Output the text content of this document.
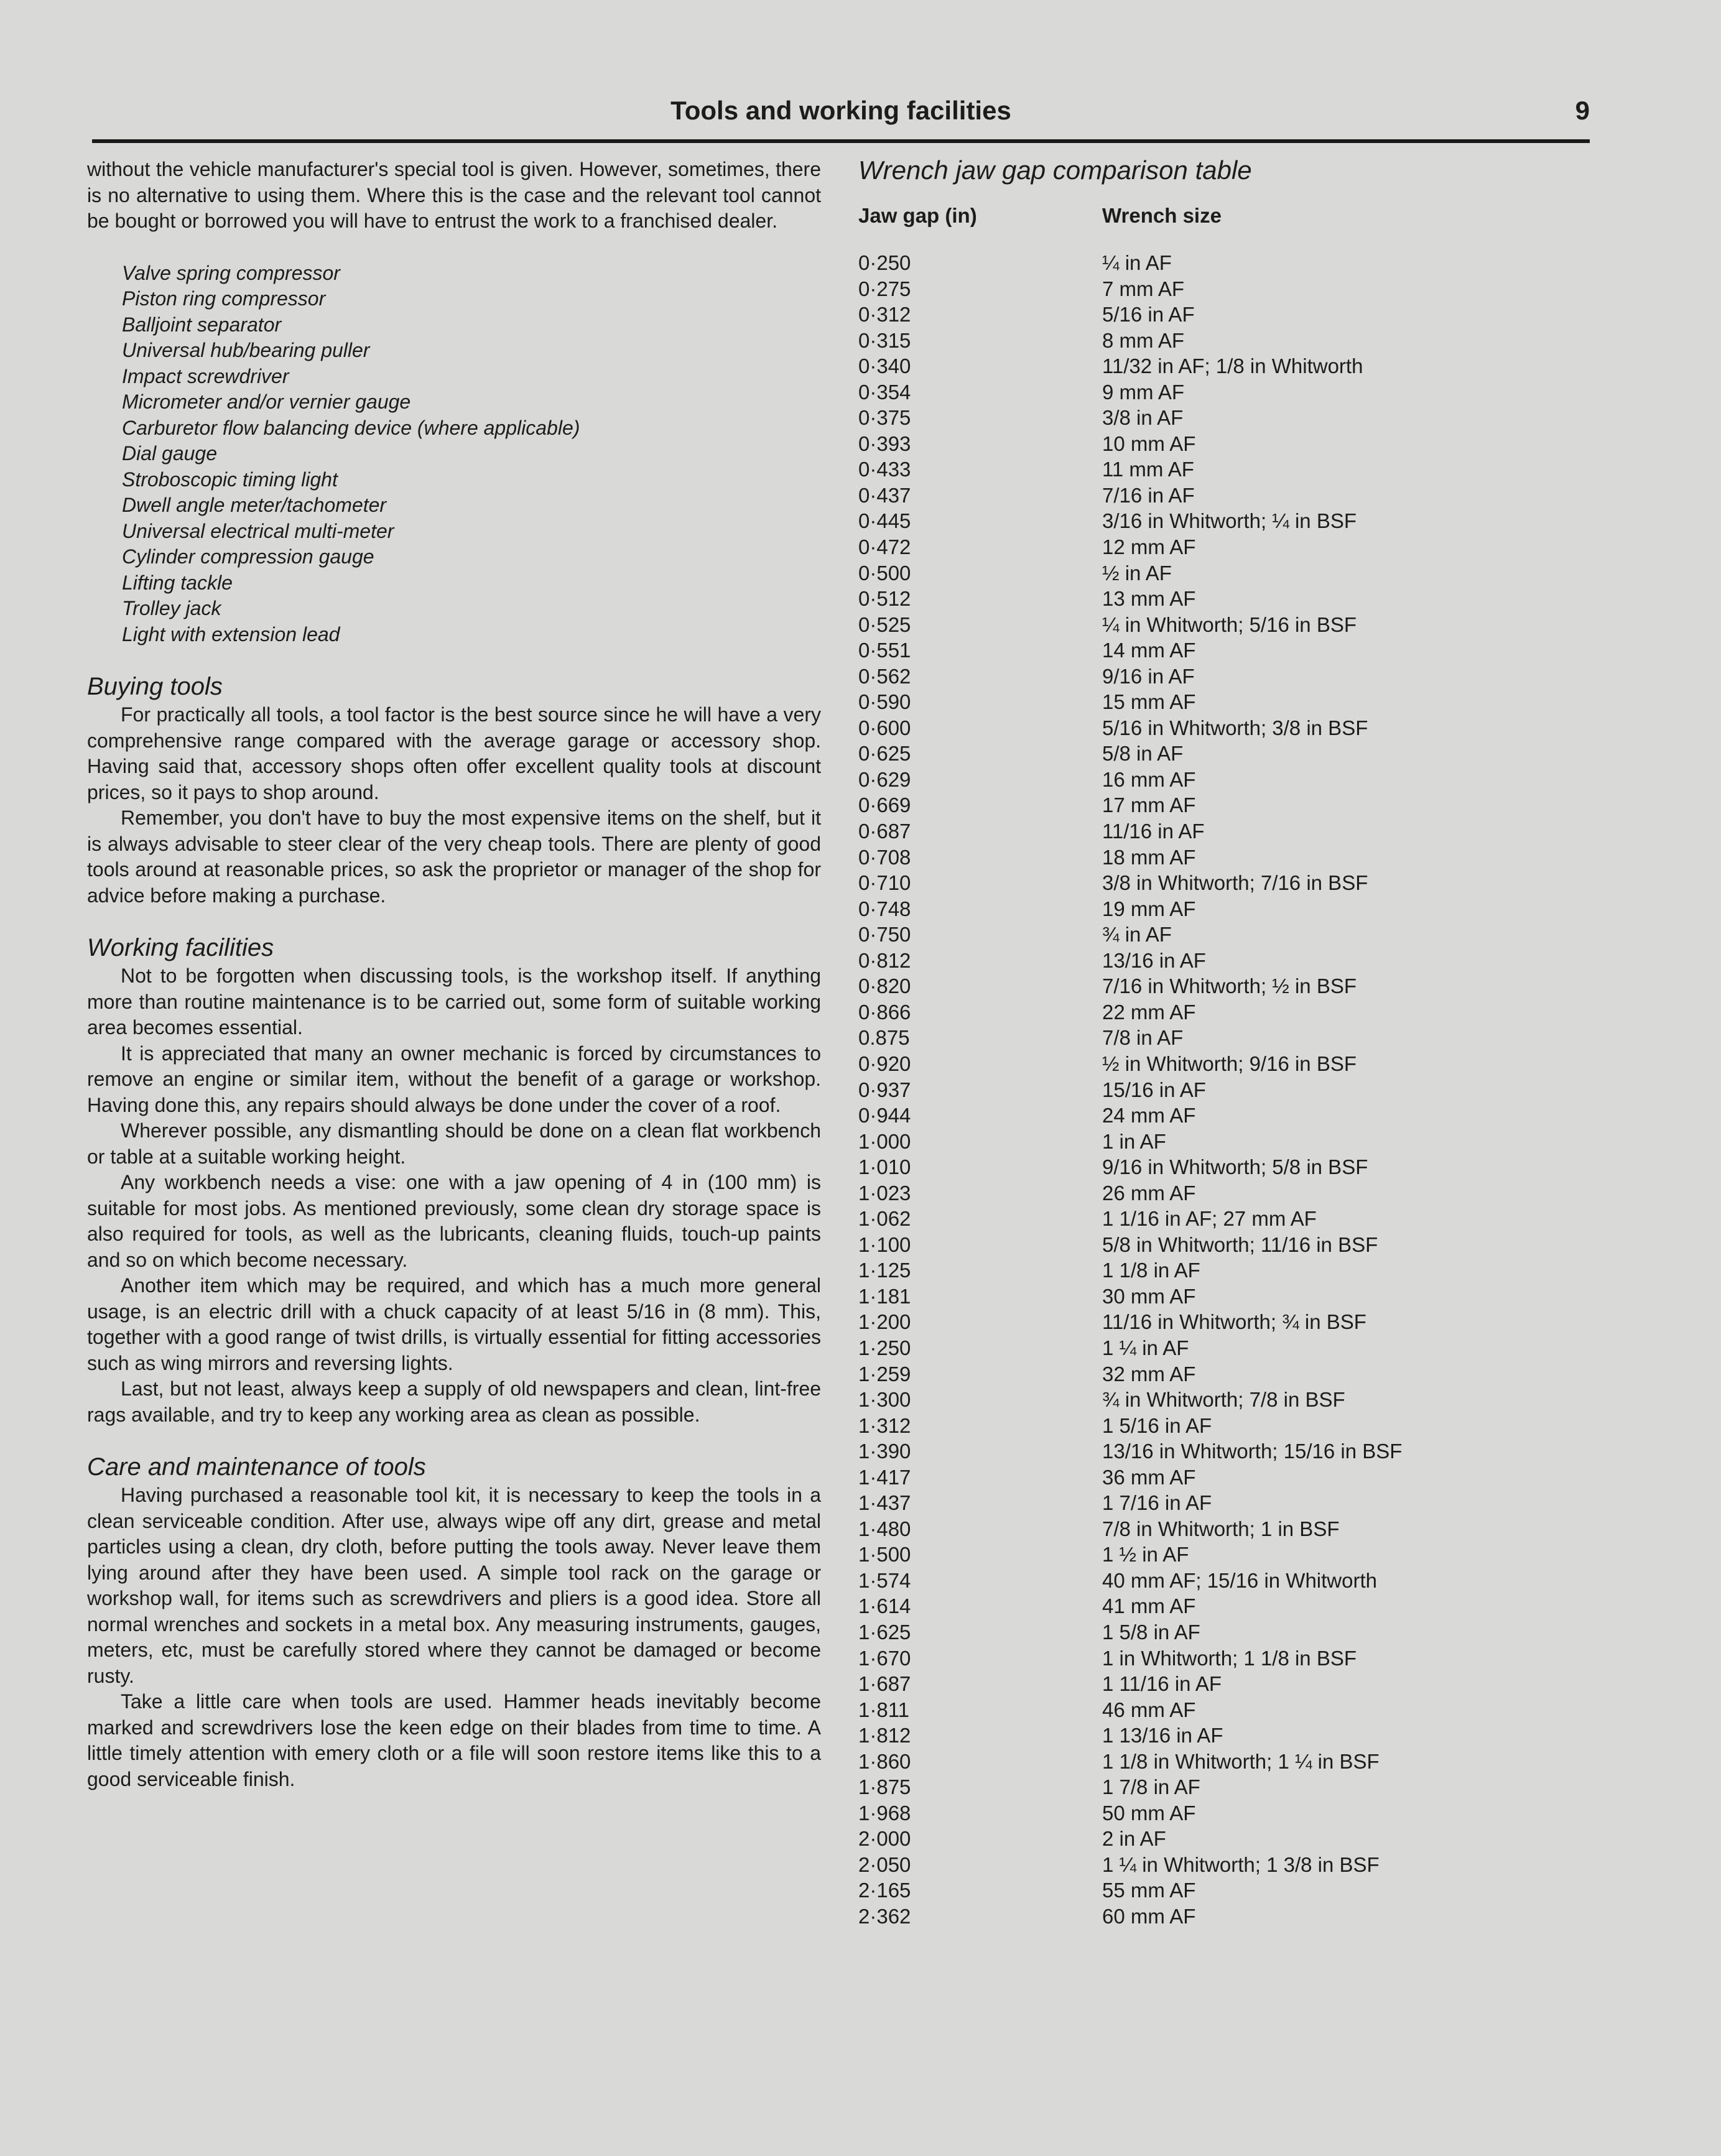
Tools and working facilities	9

without the vehicle manufacturer's special tool is given. However, sometimes, there is no alternative to using them. Where this is the case and the relevant tool cannot be bought or borrowed you will have to entrust the work to a franchised dealer.

Valve spring compressor
Piston ring compressor
Balljoint separator
Universal hub/bearing puller
Impact screwdriver
Micrometer and/or vernier gauge
Carburetor flow balancing device (where applicable)
Dial gauge
Stroboscopic timing light
Dwell angle meter/tachometer
Universal electrical multi-meter
Cylinder compression gauge
Lifting tackle
Trolley jack
Light with extension lead
Buying tools

For practically all tools, a tool factor is the best source since he will have a very comprehensive range compared with the average garage or accessory shop. Having said that, accessory shops often offer excellent quality tools at discount prices, so it pays to shop around.

Remember, you don't have to buy the most expensive items on the shelf, but it is always advisable to steer clear of the very cheap tools. There are plenty of good tools around at reasonable prices, so ask the proprietor or manager of the shop for advice before making a purchase.

Working facilities

Not to be forgotten when discussing tools, is the workshop itself. If anything more than routine maintenance is to be carried out, some form of suitable working area becomes essential.

It is appreciated that many an owner mechanic is forced by circumstances to remove an engine or similar item, without the benefit of a garage or workshop. Having done this, any repairs should always be done under the cover of a roof.

Wherever possible, any dismantling should be done on a clean flat workbench or table at a suitable working height.

Any workbench needs a vise: one with a jaw opening of 4 in (100 mm) is suitable for most jobs. As mentioned previously, some clean dry storage space is also required for tools, as well as the lubricants, cleaning fluids, touch-up paints and so on which become necessary.

Another item which may be required, and which has a much more general usage, is an electric drill with a chuck capacity of at least 5/16 in (8 mm). This, together with a good range of twist drills, is virtually essential for fitting accessories such as wing mirrors and reversing lights.

Last, but not least, always keep a supply of old newspapers and clean, lint-free rags available, and try to keep any working area as clean as possible.

Care and maintenance of tools

Having purchased a reasonable tool kit, it is necessary to keep the tools in a clean serviceable condition. After use, always wipe off any dirt, grease and metal particles using a clean, dry cloth, before putting the tools away. Never leave them lying around after they have been used. A simple tool rack on the garage or workshop wall, for items such as screwdrivers and pliers is a good idea. Store all normal wrenches and sockets in a metal box. Any measuring instruments, gauges, meters, etc, must be carefully stored where they cannot be damaged or become rusty.

Take a little care when tools are used. Hammer heads inevitably become marked and screwdrivers lose the keen edge on their blades from time to time. A little timely attention with emery cloth or a file will soon restore items like this to a good serviceable finish.

Wrench jaw gap comparison table
Jaw gap (in)	Wrench size
0·250	¼ in AF
0·275	7 mm AF
0·312	5/16 in AF
0·315	8 mm AF
0·340	11/32 in AF; 1/8 in Whitworth
0·354	9 mm AF
0·375	3/8 in AF
0·393	10 mm AF
0·433	11 mm AF
0·437	7/16 in AF
0·445	3/16 in Whitworth; ¼ in BSF
0·472	12 mm AF
0·500	½ in AF
0·512	13 mm AF
0·525	¼ in Whitworth; 5/16 in BSF
0·551	14 mm AF
0·562	9/16 in AF
0·590	15 mm AF
0·600	5/16 in Whitworth; 3/8 in BSF
0·625	5/8 in AF
0·629	16 mm AF
0·669	17 mm AF
0·687	11/16 in AF
0·708	18 mm AF
0·710	3/8 in Whitworth; 7/16 in BSF
0·748	19 mm AF
0·750	¾ in AF
0·812	13/16 in AF
0·820	7/16 in Whitworth; ½ in BSF
0·866	22 mm AF
0.875	7/8 in AF
0·920	½ in Whitworth; 9/16 in BSF
0·937	15/16 in AF
0·944	24 mm AF
1·000	1 in AF
1·010	9/16 in Whitworth; 5/8 in BSF
1·023	26 mm AF
1·062	1 1/16 in AF; 27 mm AF
1·100	5/8 in Whitworth; 11/16 in BSF
1·125	1 1/8 in AF
1·181	30 mm AF
1·200	11/16 in Whitworth; ¾ in BSF
1·250	1 ¼ in AF
1·259	32 mm AF
1·300	¾ in Whitworth; 7/8 in BSF
1·312	1 5/16 in AF
1·390	13/16 in Whitworth; 15/16 in BSF
1·417	36 mm AF
1·437	1 7/16 in AF
1·480	7/8 in Whitworth; 1 in BSF
1·500	1 ½ in AF
1·574	40 mm AF; 15/16 in Whitworth
1·614	41 mm AF
1·625	1 5/8 in AF
1·670	1 in Whitworth; 1 1/8 in BSF
1·687	1 11/16 in AF
1·811	46 mm AF
1·812	1 13/16 in AF
1·860	1 1/8 in Whitworth; 1 ¼ in BSF
1·875	1 7/8 in AF
1·968	50 mm AF
2·000	2 in AF
2·050	1 ¼ in Whitworth; 1 3/8 in BSF
2·165	55 mm AF
2·362	60 mm AF
